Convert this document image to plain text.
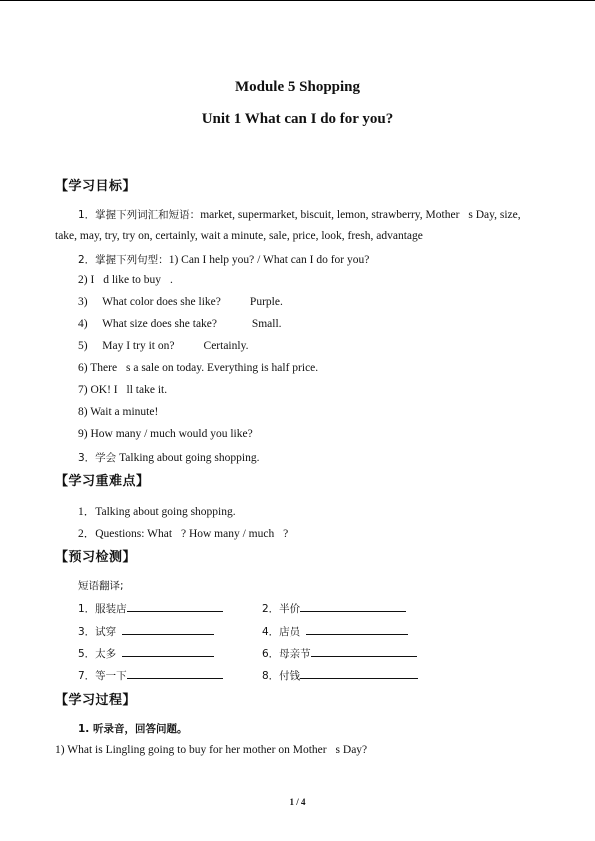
Module 5 Shopping
Unit 1 What can I do for you?
【学习目标】
1．掌握下列词汇和短语：market, supermarket, biscuit, lemon, strawberry, Mother s Day, size,
take, may, try, try on, certainly, wait a minute, sale, price, look, fresh, advantage
2．掌握下列句型：1) Can I help you? / What can I do for you?
2) I d like to buy .
3)   What color does she like?        Purple.
4)   What size does she take?          Small.
5)   May I try it on?        Certainly.
6) There s a sale on today. Everything is half price.
7) OK! I ll take it.
8) Wait a minute!
9) How many / much would you like?
3．学会 Talking about going shopping.
【学习重难点】
1．Talking about going shopping.
2．Questions: What ? How many / much ?
【预习检测】
短语翻译;
1．服装店	2．半价
3．试穿	4．店员
5．太多	6．母亲节
7．等一下	8．付钱
【学习过程】
1. 听录音，回答问题。
1) What is Lingling going to buy for her mother on Mother s Day?
1 / 4
